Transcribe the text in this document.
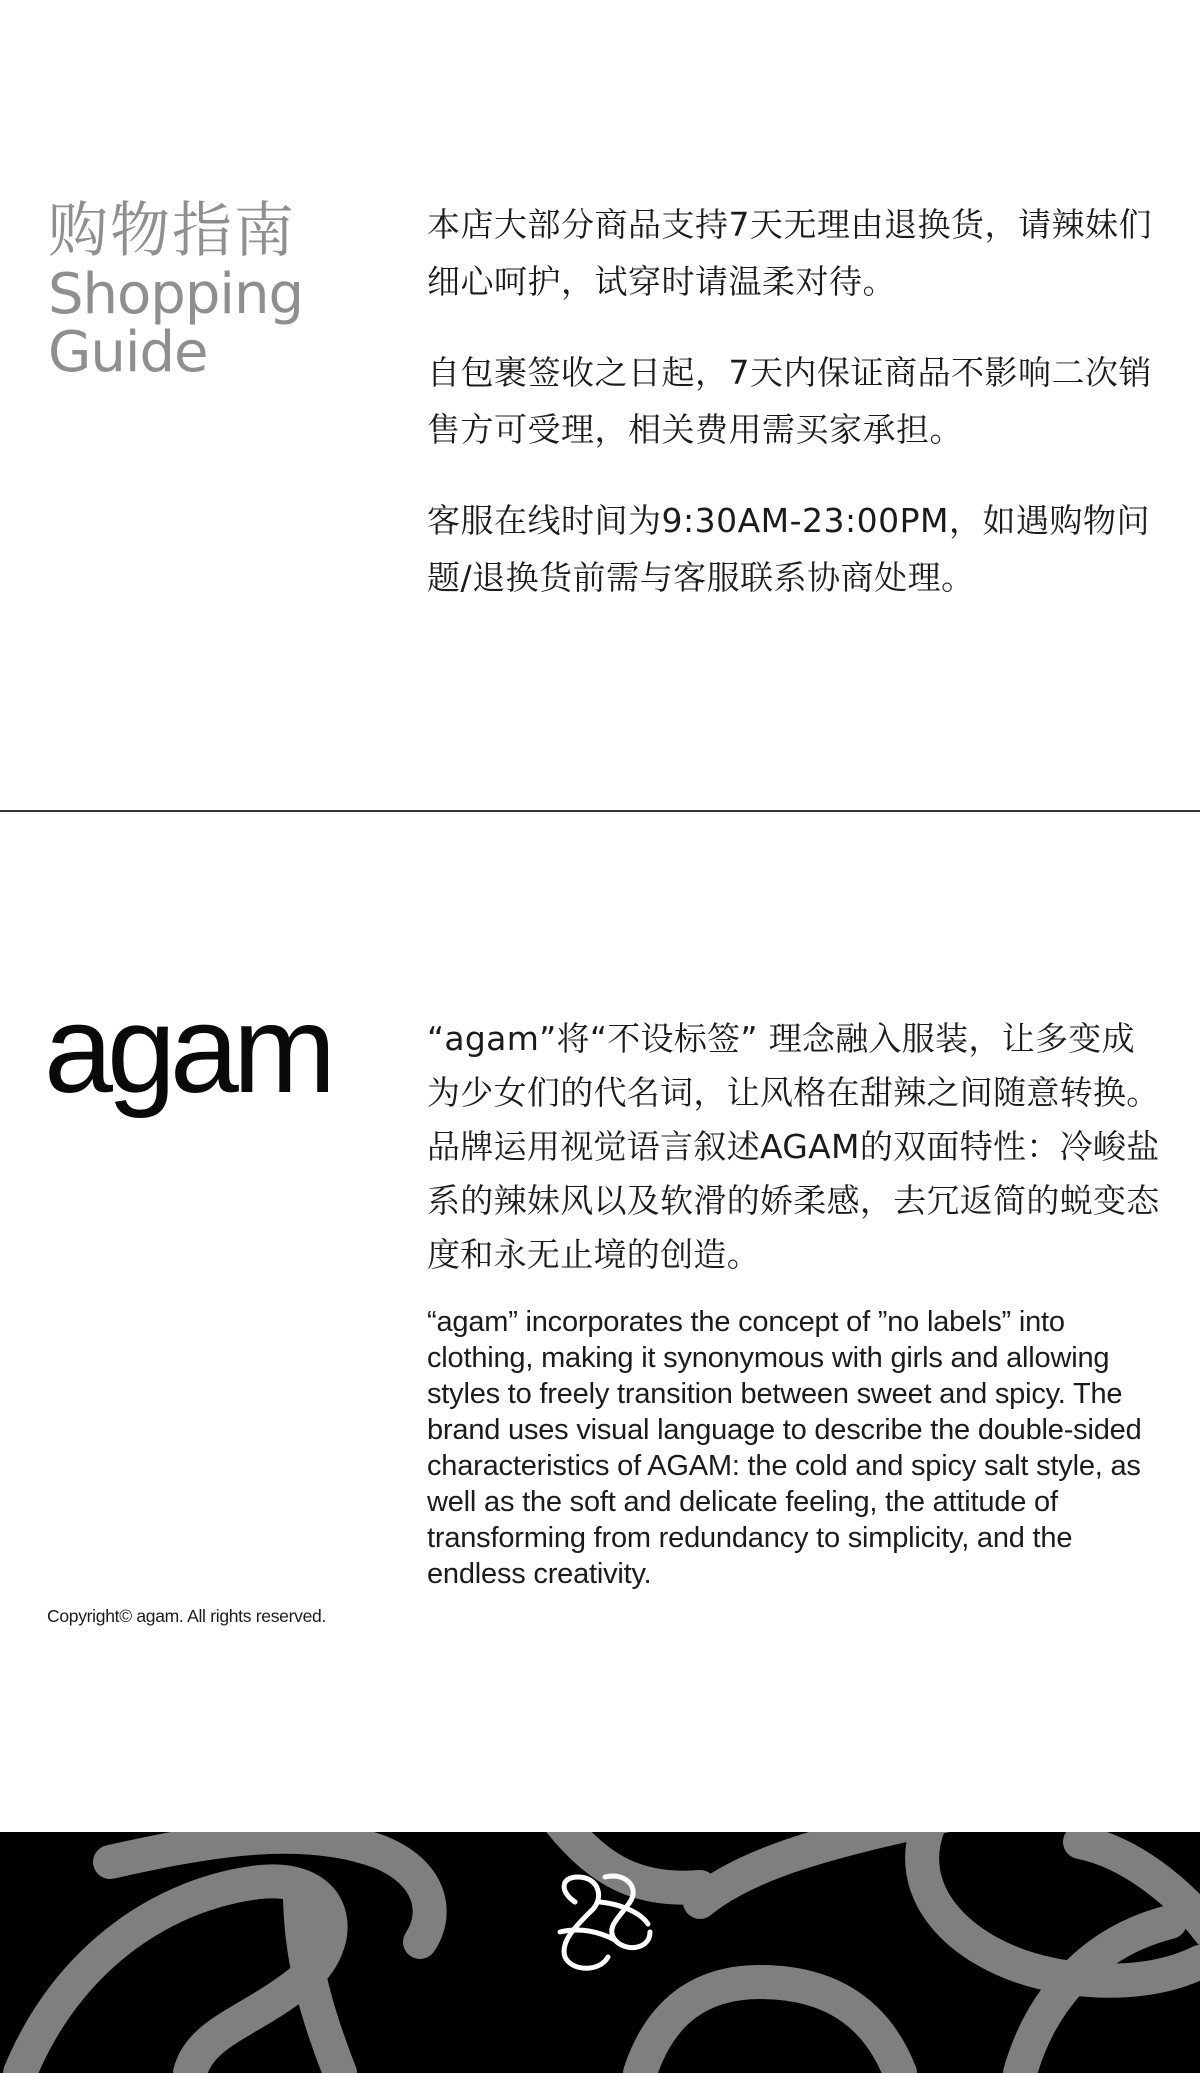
购物指南
Shopping
Guide

本店大部分商品支持7天无理由退换货，请辣妹们细心呵护，试穿时请温柔对待。

自包裹签收之日起，7天内保证商品不影响二次销售方可受理，相关费用需买家承担。

客服在线时间为9:30AM-23:00PM，如遇购物问题/退换货前需与客服联系协商处理。

agam	“agam”将“不设标签” 理念融入服装，让多变成为少女们的代名词，让风格在甜辣之间随意转换。品牌运用视觉语言叙述AGAM的双面特性：冷峻盐系的辣妹风以及软滑的娇柔感，去冗返简的蜕变态度和永无止境的创造。

“agam” incorporates the concept of ”no labels” into clothing, making it synonymous with girls and allowing styles to freely transition between sweet and spicy. The brand uses visual language to describe the double-sided characteristics of AGAM: the cold and spicy salt style, as well as the soft and delicate feeling, the attitude of transforming from redundancy to simplicity, and the endless creativity.

Copyright© agam. All rights reserved.
